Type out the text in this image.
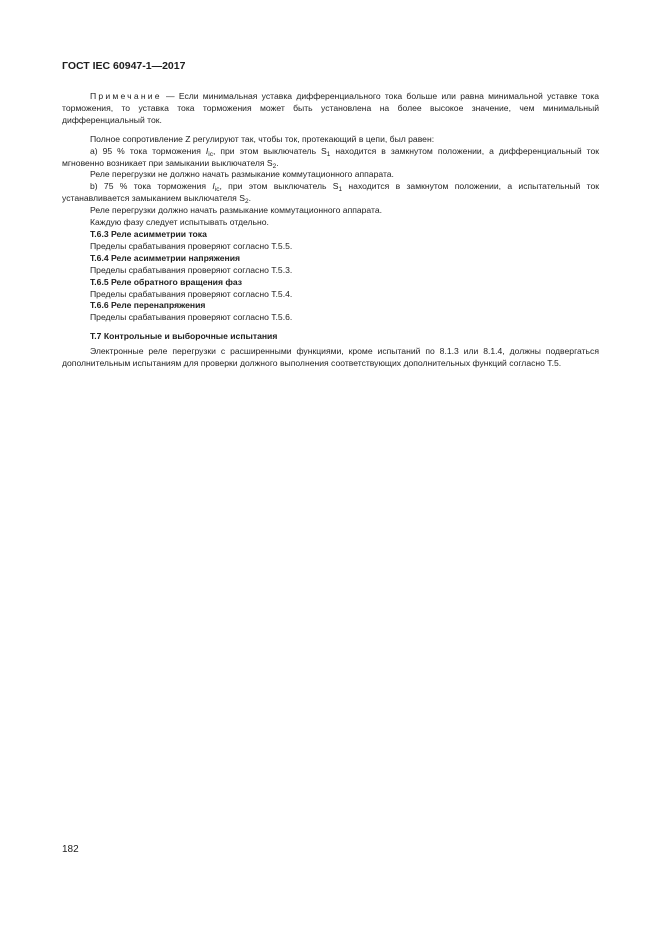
ГОСТ IEC 60947-1—2017

Примечание — Если минимальная уставка дифференциального тока больше или равна минимальной уставке тока торможения, то уставка тока торможения может быть установлена на более высокое значение, чем минимальный дифференциальный ток.

Полное сопротивление Z регулируют так, чтобы ток, протекающий в цепи, был равен:

а) 95 % тока торможения $I_{ic}$, при этом выключатель $S_1$ находится в замкнутом положении, а дифференциальный ток мгновенно возникает при замыкании выключателя $S_2$.

Реле перегрузки не должно начать размыкание коммутационного аппарата.

b) 75 % тока торможения $I_{ic}$, при этом выключатель $S_1$ находится в замкнутом положении, а испытательный ток устанавливается замыканием выключателя $S_2$.

Реле перегрузки должно начать размыкание коммутационного аппарата.

Каждую фазу следует испытывать отдельно.

Т.6.3 Реле асимметрии тока

Пределы срабатывания проверяют согласно Т.5.5.

Т.6.4 Реле асимметрии напряжения

Пределы срабатывания проверяют согласно Т.5.3.

Т.6.5 Реле обратного вращения фаз

Пределы срабатывания проверяют согласно Т.5.4.

Т.6.6 Реле перенапряжения

Пределы срабатывания проверяют согласно Т.5.6.

Т.7 Контрольные и выборочные испытания

Электронные реле перегрузки с расширенными функциями, кроме испытаний по 8.1.3 или 8.1.4, должны подвергаться дополнительным испытаниям для проверки должного выполнения соответствующих дополнительных функций согласно Т.5.

182
